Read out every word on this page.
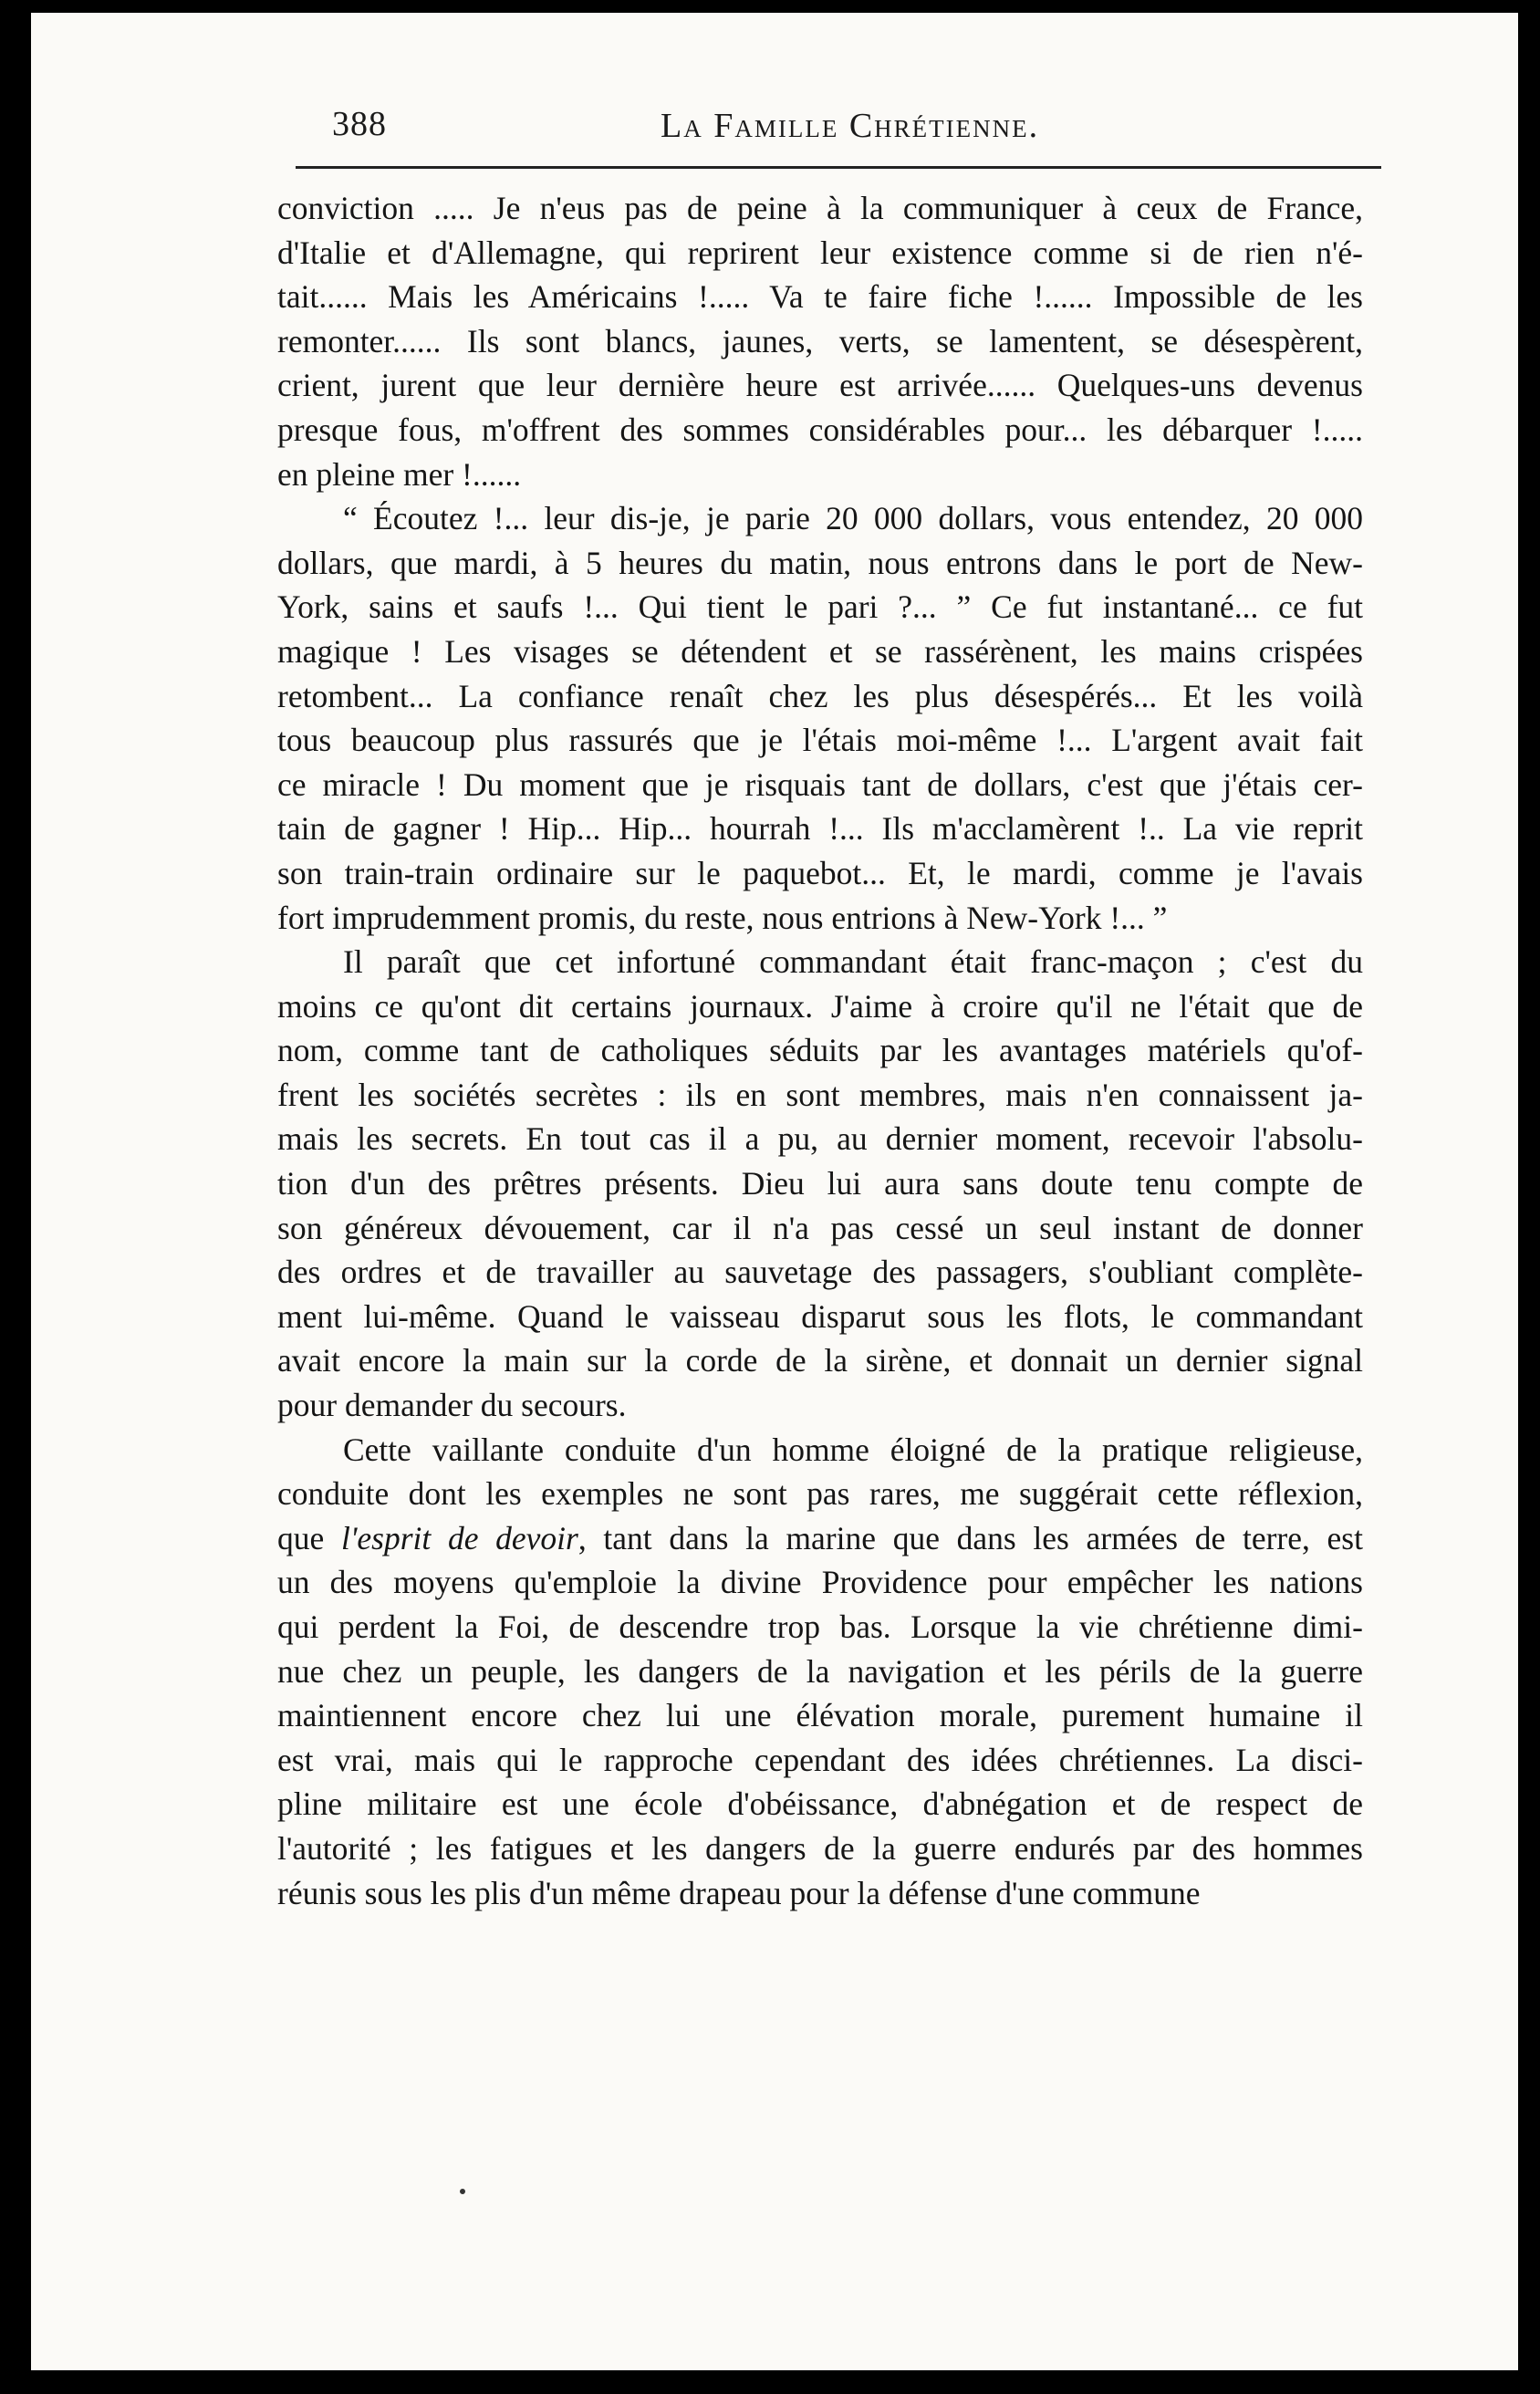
388	La Famille Chrétienne.

conviction ..... Je n'eus pas de peine à la communiquer à ceux de France,
d'Italie et d'Allemagne, qui reprirent leur existence comme si de rien n'é-
tait...... Mais les Américains !..... Va te faire fiche !...... Impossible de les
remonter...... Ils sont blancs, jaunes, verts, se lamentent, se désespèrent,
crient, jurent que leur dernière heure est arrivée...... Quelques-uns devenus
presque fous, m'offrent des sommes considérables pour... les débarquer !.....
en pleine mer !......

“ Écoutez !... leur dis-je, je parie 20 000 dollars, vous entendez, 20 000
dollars, que mardi, à 5 heures du matin, nous entrons dans le port de New-
York, sains et saufs !... Qui tient le pari ?... ” Ce fut instantané... ce fut
magique ! Les visages se détendent et se rassérènent, les mains crispées
retombent... La confiance renaît chez les plus désespérés... Et les voilà
tous beaucoup plus rassurés que je l'étais moi-même !... L'argent avait fait
ce miracle ! Du moment que je risquais tant de dollars, c'est que j'étais cer-
tain de gagner ! Hip... Hip... hourrah !... Ils m'acclamèrent !.. La vie reprit
son train-train ordinaire sur le paquebot... Et, le mardi, comme je l'avais
fort imprudemment promis, du reste, nous entrions à New-York !... ”

Il paraît que cet infortuné commandant était franc-maçon ; c'est du
moins ce qu'ont dit certains journaux. J'aime à croire qu'il ne l'était que de
nom, comme tant de catholiques séduits par les avantages matériels qu'of-
frent les sociétés secrètes : ils en sont membres, mais n'en connaissent ja-
mais les secrets. En tout cas il a pu, au dernier moment, recevoir l'absolu-
tion d'un des prêtres présents. Dieu lui aura sans doute tenu compte de
son généreux dévouement, car il n'a pas cessé un seul instant de donner
des ordres et de travailler au sauvetage des passagers, s'oubliant complète-
ment lui-même. Quand le vaisseau disparut sous les flots, le commandant
avait encore la main sur la corde de la sirène, et donnait un dernier signal
pour demander du secours.

Cette vaillante conduite d'un homme éloigné de la pratique religieuse,
conduite dont les exemples ne sont pas rares, me suggérait cette réflexion,
que l'esprit de devoir, tant dans la marine que dans les armées de terre, est
un des moyens qu'emploie la divine Providence pour empêcher les nations
qui perdent la Foi, de descendre trop bas. Lorsque la vie chrétienne dimi-
nue chez un peuple, les dangers de la navigation et les périls de la guerre
maintiennent encore chez lui une élévation morale, purement humaine il
est vrai, mais qui le rapproche cependant des idées chrétiennes. La disci-
pline militaire est une école d'obéissance, d'abnégation et de respect de
l'autorité ; les fatigues et les dangers de la guerre endurés par des hommes
réunis sous les plis d'un même drapeau pour la défense d'une commune
